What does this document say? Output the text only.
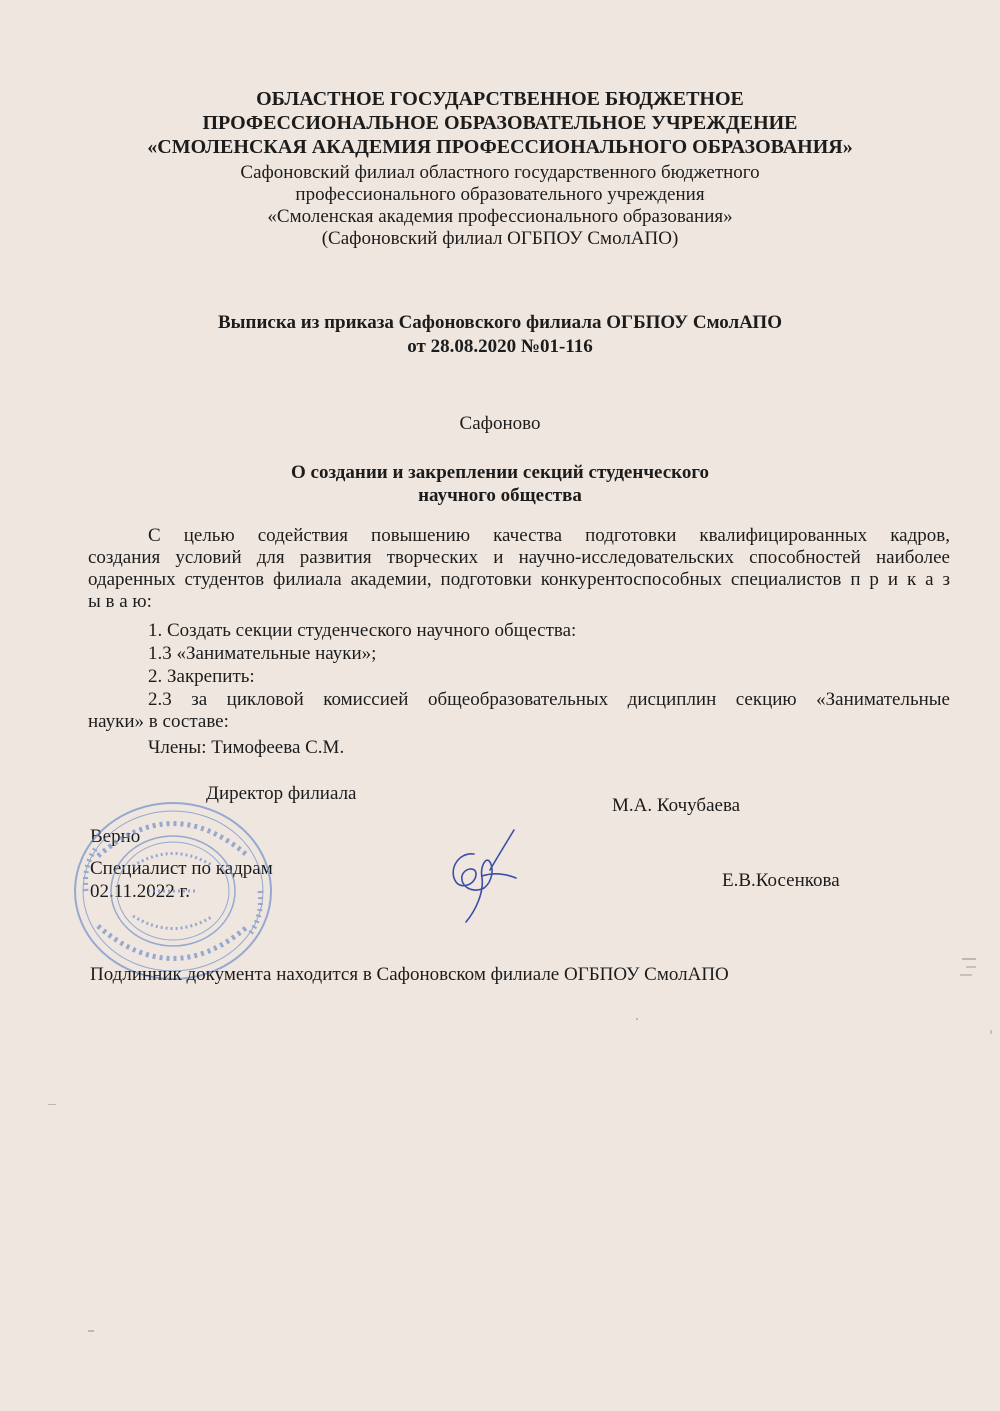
ОБЛАСТНОЕ ГОСУДАРСТВЕННОЕ БЮДЖЕТНОЕ
ПРОФЕССИОНАЛЬНОЕ ОБРАЗОВАТЕЛЬНОЕ УЧРЕЖДЕНИЕ
«СМОЛЕНСКАЯ АКАДЕМИЯ ПРОФЕССИОНАЛЬНОГО ОБРАЗОВАНИЯ»
Сафоновский филиал областного государственного бюджетного
профессионального образовательного учреждения
«Смоленская академия профессионального образования»
(Сафоновский филиал ОГБПОУ СмолАПО)
Выписка из приказа Сафоновского филиала ОГБПОУ СмолАПО
от 28.08.2020 №01-116
Сафоново
О создании и закреплении секций студенческого
научного общества
С целью содействия повышению качества подготовки квалифицированных кадров,
создания условий для развития творческих и научно-исследовательских способностей наиболее
одаренных студентов филиала академии, подготовки конкурентоспособных специалистов п р и к а з
ы в а ю:
1. Создать секции студенческого научного общества:
1.3 «Занимательные науки»;
2. Закрепить:
2.3 за цикловой комиссией общеобразовательных дисциплин секцию «Занимательные
науки» в составе:
Члены: Тимофеева С.М.
Директор филиала
М.А. Кочубаева
Верно
Специалист по кадрам
02.11.2022 г.
Е.В.Косенкова
Подлинник документа находится в Сафоновском филиале ОГБПОУ СмолАПО
